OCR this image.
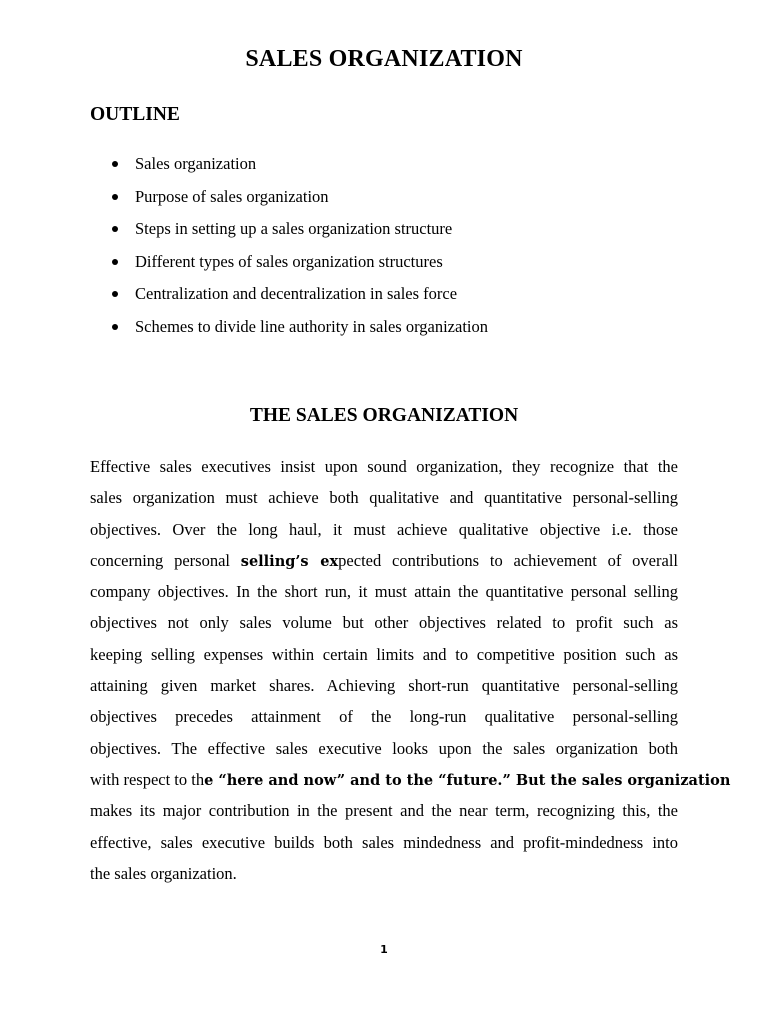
SALES ORGANIZATION
OUTLINE
Sales organization
Purpose of sales organization
Steps in setting up a sales organization structure
Different types of sales organization structures
Centralization and decentralization in sales force
Schemes to divide line authority in sales organization
THE SALES ORGANIZATION

Effective sales executives insist upon sound organization, they recognize that the
sales organization must achieve both qualitative and quantitative personal-selling
objectives. Over the long haul, it must achieve qualitative objective i.e. those
concerning personal selling’s expected contributions to achievement of overall
company objectives. In the short run, it must attain the quantitative personal selling
objectives not only sales volume but other objectives related to profit such as
keeping selling expenses within certain limits and to competitive position such as
attaining given market shares. Achieving short-run quantitative personal-selling
objectives precedes attainment of the long-run qualitative personal-selling
objectives. The effective sales executive looks upon the sales organization both
with respect to the “here and now” and to the “future.” But the sales organization
makes its major contribution in the present and the near term, recognizing this, the
effective, sales executive builds both sales mindedness and profit-mindedness into
the sales organization.

1
